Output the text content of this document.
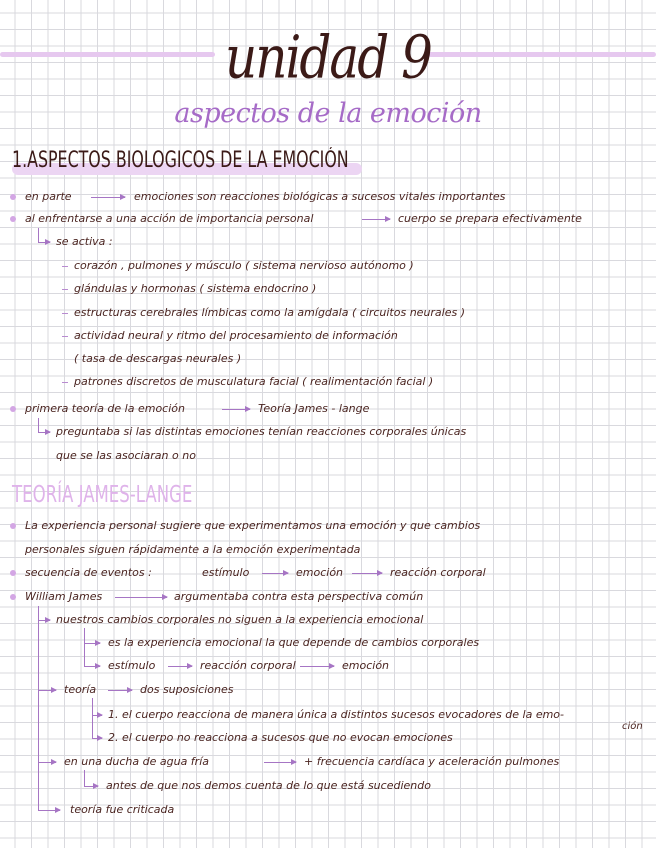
unidad 9
aspectos de la emoción
1.ASPECTOS BIOLOGICOS DE LA EMOCIÓN
en parte	emociones son reacciones biológicas a sucesos vitales importantes
al enfrentarse a una acción de importancia personal	cuerpo se prepara efectivamente
se activa :
corazón , pulmones y músculo ( sistema nervioso autónomo )
glándulas y hormonas ( sistema endocrino )
estructuras cerebrales límbicas como la amígdala ( circuitos neurales )
actividad neural y ritmo del procesamiento de información
( tasa de descargas neurales )
patrones discretos de musculatura facial ( realimentación facial )
primera teoría de la emoción	Teoría James - lange
preguntaba si las distintas emociones tenían reacciones corporales únicas
que se las asociaran o no
TEORÍA JAMES-LANGE
La experiencia personal sugiere que experimentamos una emoción y que cambios
personales siguen rápidamente a la emoción experimentada
secuencia de eventos :	estímulo	emoción	reacción corporal
William James	argumentaba contra esta perspectiva común
nuestros cambios corporales no siguen a la experiencia emocional
es la experiencia emocional la que depende de cambios corporales
estímulo	reacción corporal	emoción
teoría	dos suposiciones
1. el cuerpo reacciona de manera única a distintos sucesos evocadores de la emo-
ción
2. el cuerpo no reacciona a sucesos que no evocan emociones
en una ducha de agua fría	+ frecuencia cardíaca y aceleración pulmones
antes de que nos demos cuenta de lo que está sucediendo
teoría fue criticada
